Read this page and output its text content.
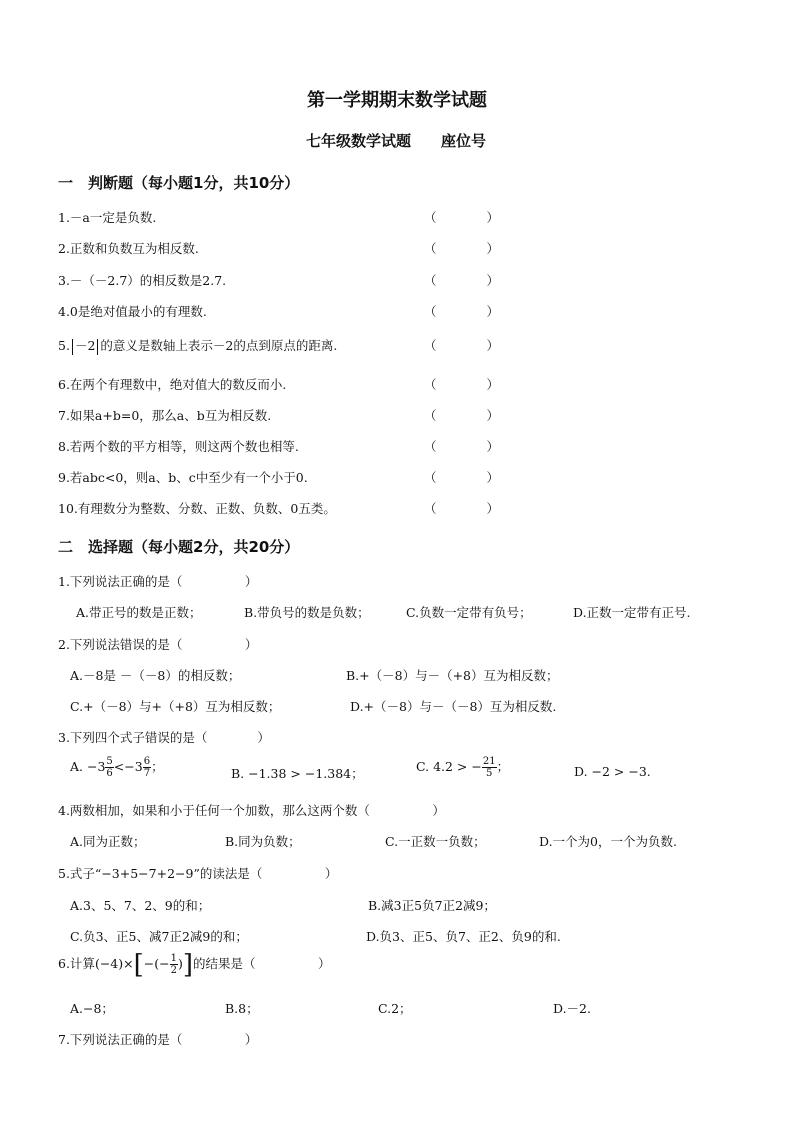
第一学期期末数学试题
七年级数学试题 座位号
一　判断题（每小题1分，共10分）
1.－a一定是负数.	（　　　　）
2.正数和负数互为相反数.	（　　　　）
3.－（－2.7）的相反数是2.7.	（　　　　）
4.0是绝对值最小的有理数.	（　　　　）
5. －2 的意义是数轴上表示－2的点到原点的距离.	（　　　　）
6.在两个有理数中，绝对值大的数反而小.	（　　　　）
7.如果a+b=0，那么a、b互为相反数.	（　　　　）
8.若两个数的平方相等，则这两个数也相等.	（　　　　）
9.若abc<0，则a、b、c中至少有一个小于0.	（　　　　）
10.有理数分为整数、分数、正数、负数、0五类。	（　　　　）
二　选择题（每小题2分，共20分）
1.下列说法正确的是（　　　　　）
A.带正号的数是正数；	B.带负号的数是负数；	C.负数一定带有负号；	D.正数一定带有正号.
2.下列说法错误的是（　　　　　）
A.－8是 －（－8）的相反数；	B.+（－8）与－（+8）互为相反数；
C.+（－8）与+（+8）互为相反数；	D.+（－8）与－（－8）互为相反数.
3.下列四个式子错误的是（　　　　）
A. $-3 \frac{5}{6} <-3 \frac{6}{7}$ ；	B. −1.38 > −1.384；	C. 4.2 > − $\frac{21}{5}$ ；	D. −2 > −3.
4.两数相加，如果和小于任何一个加数，那么这两个数（　　　　　）
A.同为正数；	B.同为负数；	C.一正数一负数；	D.一个为0，一个为负数.
5.式子“−3+5−7+2−9”的读法是（　　　　　）
A.3、5、7、2、9的和；	B.减3正5负7正2减9；
C.负3、正5、减7正2减9的和；	D.负3、正5、负7、正2、负9的和.
6.计算$(-4)\times[-(- \frac{1}{2}$ )]的结果是（　　　　　）
A.−8；	B.8；	C.2；	D.－2.
7.下列说法正确的是（　　　　　）
